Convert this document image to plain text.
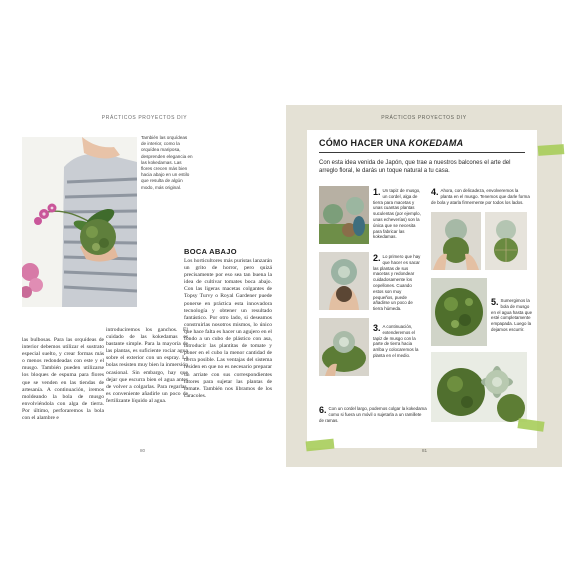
PRÁCTICOS PROYECTOS DIY
También las orquídeas de interior, como la orquídea mariposa, desprenden elegancia en las kokedamas. Las flores crecen más bien hacia abajo en un estilo que resulta de algún modo, más original.
BOCA ABAJO
Los horticultores más puristas lanzarán un grito de horror, pero quizá precisamente por eso sea tan buena la idea de cultivar tomates boca abajo. Con las ligeras macetas colgantes de Topsy Turvy o Royal Gardener puede ponerse en práctica esta innovadora tecnología y obtener un resultado fantástico. Por otro lado, si deseamos construirlas nosotros mismos, lo único que hace falta es hacer un agujero en el fondo a un cubo de plástico con asa, introducir las plantitas de tomate y poner en el cubo la menor cantidad de tierra posible. Las ventajas del sistema residen en que no es necesario preparar un arriate con sus correspondientes tutores para sujetar las plantas de tomate. También nos libramos de los caracoles.
las bulbosas. Para las orquídeas de interior debemos utilizar el sustrato especial suelto, y crear formas más o menos redondeadas con este y el musgo. También pueden utilizarse los bloques de espuma para flores que se venden en las tiendas de artesanía. A continuación, iremos moldeando la bola de musgo envolviéndola con alga de tierra. Por último, perforaremos la bola con el alambre e
introduciremos los ganchos. El cuidado de las kokedamas es bastante simple. Para la mayoría de las plantas, es suficiente rociar agua sobre el exterior con un espray. La bolas resisten muy bien la inmersión ocasional. Sin embargo, hay que dejar que escurra bien el agua antes de volver a colgarlas. Para regarlas, es conveniente añadirle un poco de fertilizante líquido al agua.
80
PRÁCTICOS PROYECTOS DIY
CÓMO HACER UNA KOKEDAMA
Con esta idea venida de Japón, que trae a nuestros balcones el arte del arreglo floral, le darás un toque natural a tu casa.
1. Un tapiz de musgo, un cordel, alga de tierra para macetas y unas cuantas plantas suculentas (por ejemplo, unas echeverías) son la única que se necesita para fabricar las kokedamas.
2. Lo primero que hay que hacer es sacar las plantas de sus macetas y redondear cuidadosamente los cepellones. Cuando estos son muy pequeños, puede añadirse un poco de tierra húmeda.
3. A continuación, extenderemos el tapiz de musgo con la parte de tierra hacia arriba y colocaremos la planta en el medio.
4. Ahora, con delicadeza, envolveremos la planta en el musgo. Tenemos que darle forma de bola y atarla firmemente por todos los lados.
5. Sumergimos la bola de musgo en el agua hasta que esté completamente empapada. Luego la dejamos escurrir.
6. Con un cordel largo, podemos colgar la kokedama como si fuera un móvil o sujetarla a un ramillete de ramas.
81
